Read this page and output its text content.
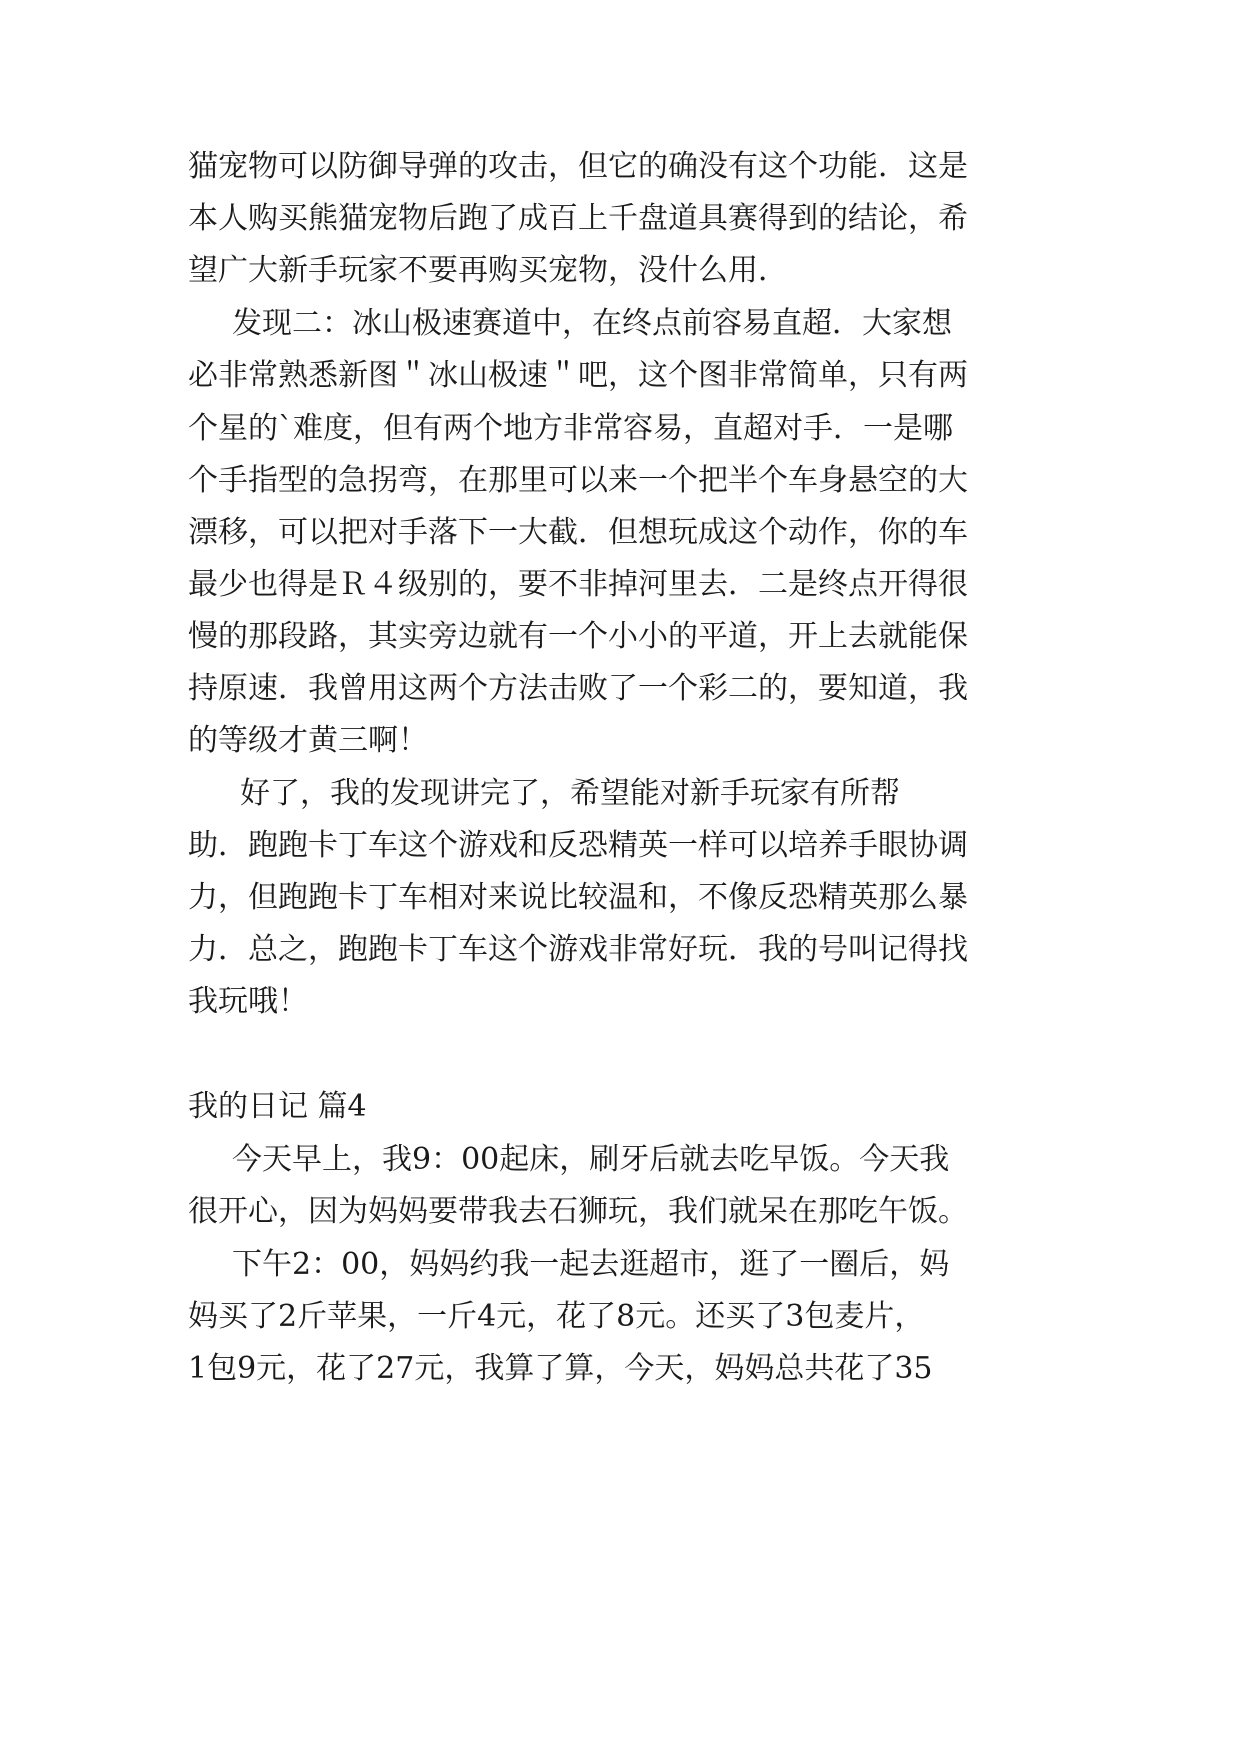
猫宠物可以防御导弹的攻击，但它的确没有这个功能．这是
本人购买熊猫宠物后跑了成百上千盘道具赛得到的结论，希
望广大新手玩家不要再购买宠物，没什么用．
发现二：冰山极速赛道中，在终点前容易直超．大家想
必非常熟悉新图＂冰山极速＂吧，这个图非常简单，只有两
个星的`难度，但有两个地方非常容易，直超对手．一是哪
个手指型的急拐弯，在那里可以来一个把半个车身悬空的大
漂移，可以把对手落下一大截．但想玩成这个动作，你的车
最少也得是Ｒ４级别的，要不非掉河里去．二是终点开得很
慢的那段路，其实旁边就有一个小小的平道，开上去就能保
持原速．我曾用这两个方法击败了一个彩二的，要知道，我
的等级才黄三啊！
好了，我的发现讲完了，希望能对新手玩家有所帮
助．跑跑卡丁车这个游戏和反恐精英一样可以培养手眼协调
力，但跑跑卡丁车相对来说比较温和，不像反恐精英那么暴
力．总之，跑跑卡丁车这个游戏非常好玩．我的号叫记得找
我玩哦！
我的日记 篇4
今天早上，我9：00起床，刷牙后就去吃早饭。今天我
很开心，因为妈妈要带我去石狮玩，我们就呆在那吃午饭。
下午2：00，妈妈约我一起去逛超市，逛了一圈后，妈
妈买了2斤苹果，一斤4元，花了8元。还买了3包麦片，
1包9元，花了27元，我算了算，今天，妈妈总共花了35
